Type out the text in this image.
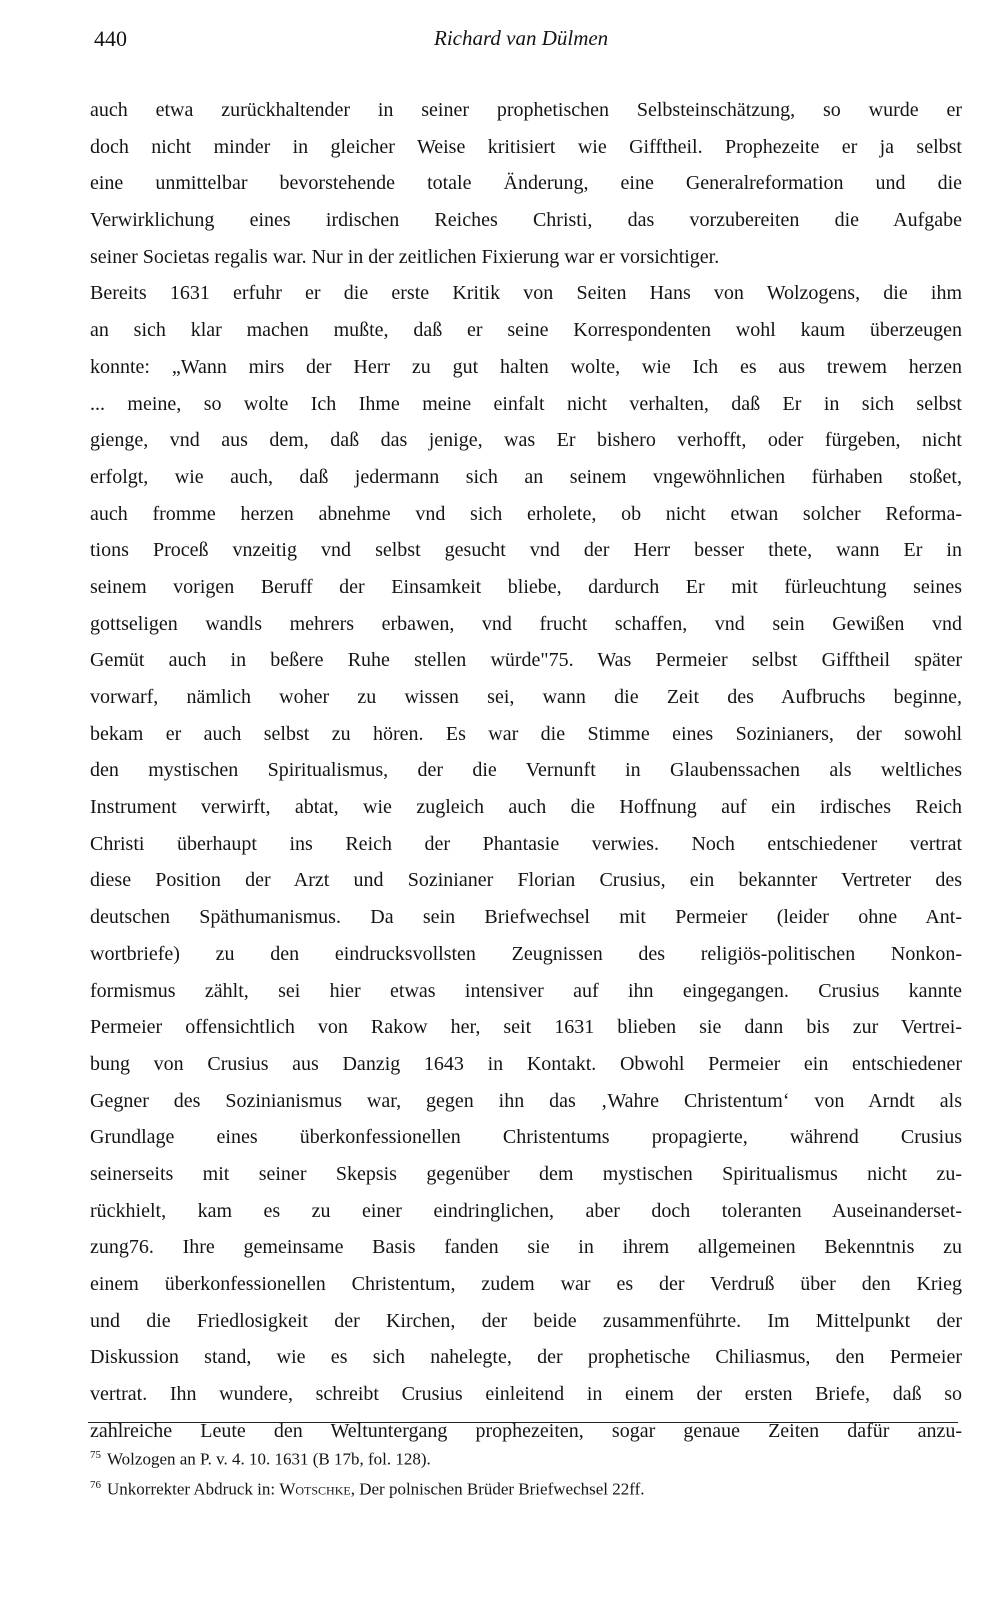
440	Richard van Dülmen
auch etwa zurückhaltender in seiner prophetischen Selbsteinschätzung, so wurde er
doch nicht minder in gleicher Weise kritisiert wie Gifftheil. Prophezeite er ja selbst
eine unmittelbar bevorstehende totale Änderung, eine Generalreformation und die
Verwirklichung eines irdischen Reiches Christi, das vorzubereiten die Aufgabe
seiner Societas regalis war. Nur in der zeitlichen Fixierung war er vorsichtiger.
Bereits 1631 erfuhr er die erste Kritik von Seiten Hans von Wolzogens, die ihm
an sich klar machen mußte, daß er seine Korrespondenten wohl kaum überzeugen
konnte: „Wann mirs der Herr zu gut halten wolte, wie Ich es aus trewem herzen
... meine, so wolte Ich Ihme meine einfalt nicht verhalten, daß Er in sich selbst
gienge, vnd aus dem, daß das jenige, was Er bishero verhofft, oder fürgeben, nicht
erfolgt, wie auch, daß jedermann sich an seinem vngewöhnlichen fürhaben stoßet,
auch fromme herzen abnehme vnd sich erholete, ob nicht etwan solcher Reforma-
tions Proceß vnzeitig vnd selbst gesucht vnd der Herr besser thete, wann Er in
seinem vorigen Beruff der Einsamkeit bliebe, dardurch Er mit fürleuchtung seines
gottseligen wandls mehrers erbawen, vnd frucht schaffen, vnd sein Gewißen vnd
Gemüt auch in beßere Ruhe stellen würde"75. Was Permeier selbst Gifftheil später
vorwarf, nämlich woher zu wissen sei, wann die Zeit des Aufbruchs beginne,
bekam er auch selbst zu hören. Es war die Stimme eines Sozinianers, der sowohl
den mystischen Spiritualismus, der die Vernunft in Glaubenssachen als weltliches
Instrument verwirft, abtat, wie zugleich auch die Hoffnung auf ein irdisches Reich
Christi überhaupt ins Reich der Phantasie verwies. Noch entschiedener vertrat
diese Position der Arzt und Sozinianer Florian Crusius, ein bekannter Vertreter des
deutschen Späthumanismus. Da sein Briefwechsel mit Permeier (leider ohne Ant-
wortbriefe) zu den eindrucksvollsten Zeugnissen des religiös-politischen Nonkon-
formismus zählt, sei hier etwas intensiver auf ihn eingegangen. Crusius kannte
Permeier offensichtlich von Rakow her, seit 1631 blieben sie dann bis zur Vertrei-
bung von Crusius aus Danzig 1643 in Kontakt. Obwohl Permeier ein entschiedener
Gegner des Sozinianismus war, gegen ihn das ‚Wahre Christentum‘ von Arndt als
Grundlage eines überkonfessionellen Christentums propagierte, während Crusius
seinerseits mit seiner Skepsis gegenüber dem mystischen Spiritualismus nicht zu-
rückhielt, kam es zu einer eindringlichen, aber doch toleranten Auseinanderset-
zung76. Ihre gemeinsame Basis fanden sie in ihrem allgemeinen Bekenntnis zu
einem überkonfessionellen Christentum, zudem war es der Verdruß über den Krieg
und die Friedlosigkeit der Kirchen, der beide zusammenführte. Im Mittelpunkt der
Diskussion stand, wie es sich nahelegte, der prophetische Chiliasmus, den Permeier
vertrat. Ihn wundere, schreibt Crusius einleitend in einem der ersten Briefe, daß so
zahlreiche Leute den Weltuntergang prophezeiten, sogar genaue Zeiten dafür anzu-
$^{75}$ Wolzogen an P. v. 4. 10. 1631 (B 17b, fol. 128).
$^{76}$ Unkorrekter Abdruck in: Wotschke, Der polnischen Brüder Briefwechsel 22ff.
